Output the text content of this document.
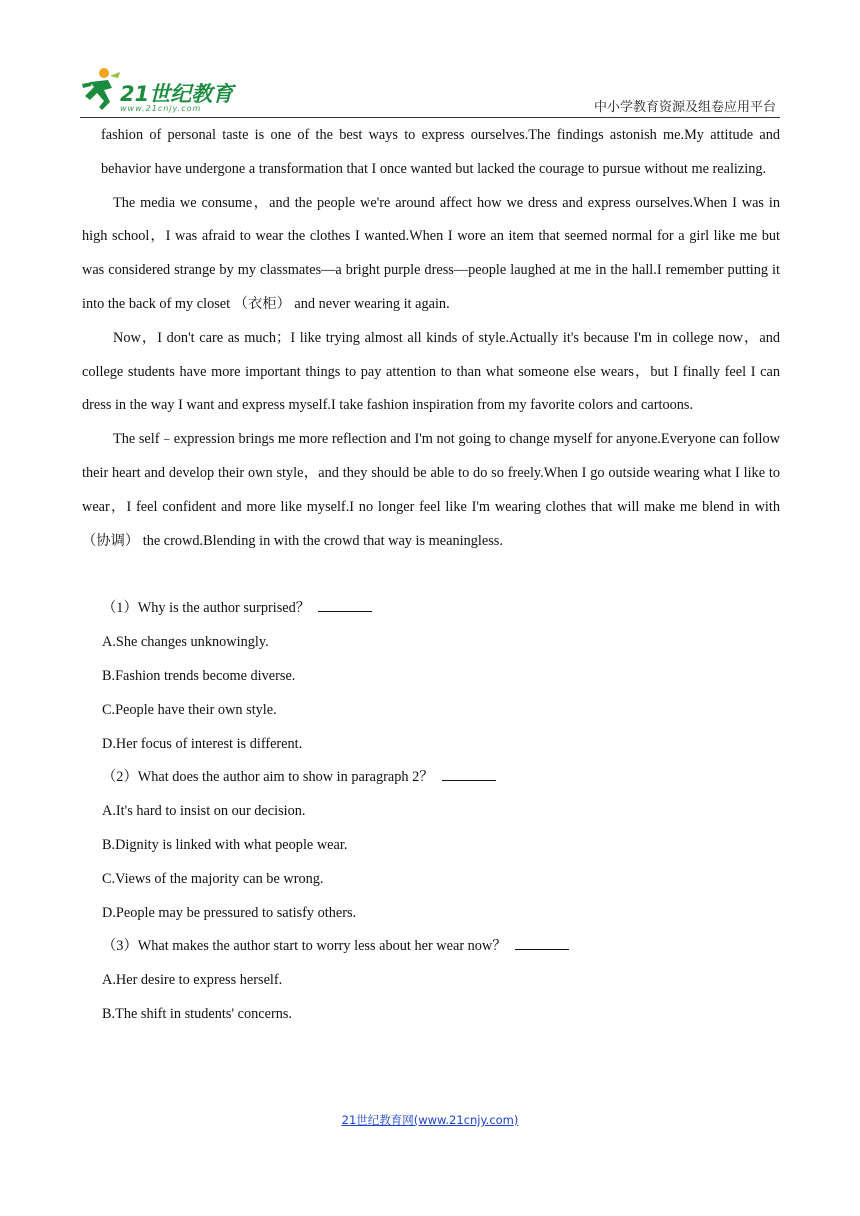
21世纪教育
www.21cnjy.com	中小学教育资源及组卷应用平台

fashion of personal taste is one of the best ways to express ourselves.The findings astonish me.My attitude and behavior have undergone a transformation that I once wanted but lacked the courage to pursue without me realizing.

The media we consume，and the people we're around affect how we dress and express ourselves.When I was in high school，I was afraid to wear the clothes I wanted.When I wore an item that seemed normal for a girl like me but was considered strange by my classmates—a bright purple dress—people laughed at me in the hall.I remember putting it into the back of my closet （衣柜） and never wearing it again.

Now，I don't care as much；I like trying almost all kinds of style.Actually it's because I'm in college now，and college students have more important things to pay attention to than what someone else wears，but I finally feel I can dress in the way I want and express myself.I take fashion inspiration from my favorite colors and cartoons.

The self﹣expression brings me more reflection and I'm not going to change myself for anyone.Everyone can follow their heart and develop their own style，and they should be able to do so freely.When I go outside wearing what I like to wear，I feel confident and more like myself.I no longer feel like I'm wearing clothes that will make me blend in with （协调） the crowd.Blending in with the crowd that way is meaningless.

（1）Why is the author surprised？
A.She changes unknowingly.
B.Fashion trends become diverse.
C.People have their own style.
D.Her focus of interest is different.
（2）What does the author aim to show in paragraph 2？
A.It's hard to insist on our decision.
B.Dignity is linked with what people wear.
C.Views of the majority can be wrong.
D.People may be pressured to satisfy others.
（3）What makes the author start to worry less about her wear now？
A.Her desire to express herself.
B.The shift in students' concerns.
21世纪教育网(www.21cnjy.com)
